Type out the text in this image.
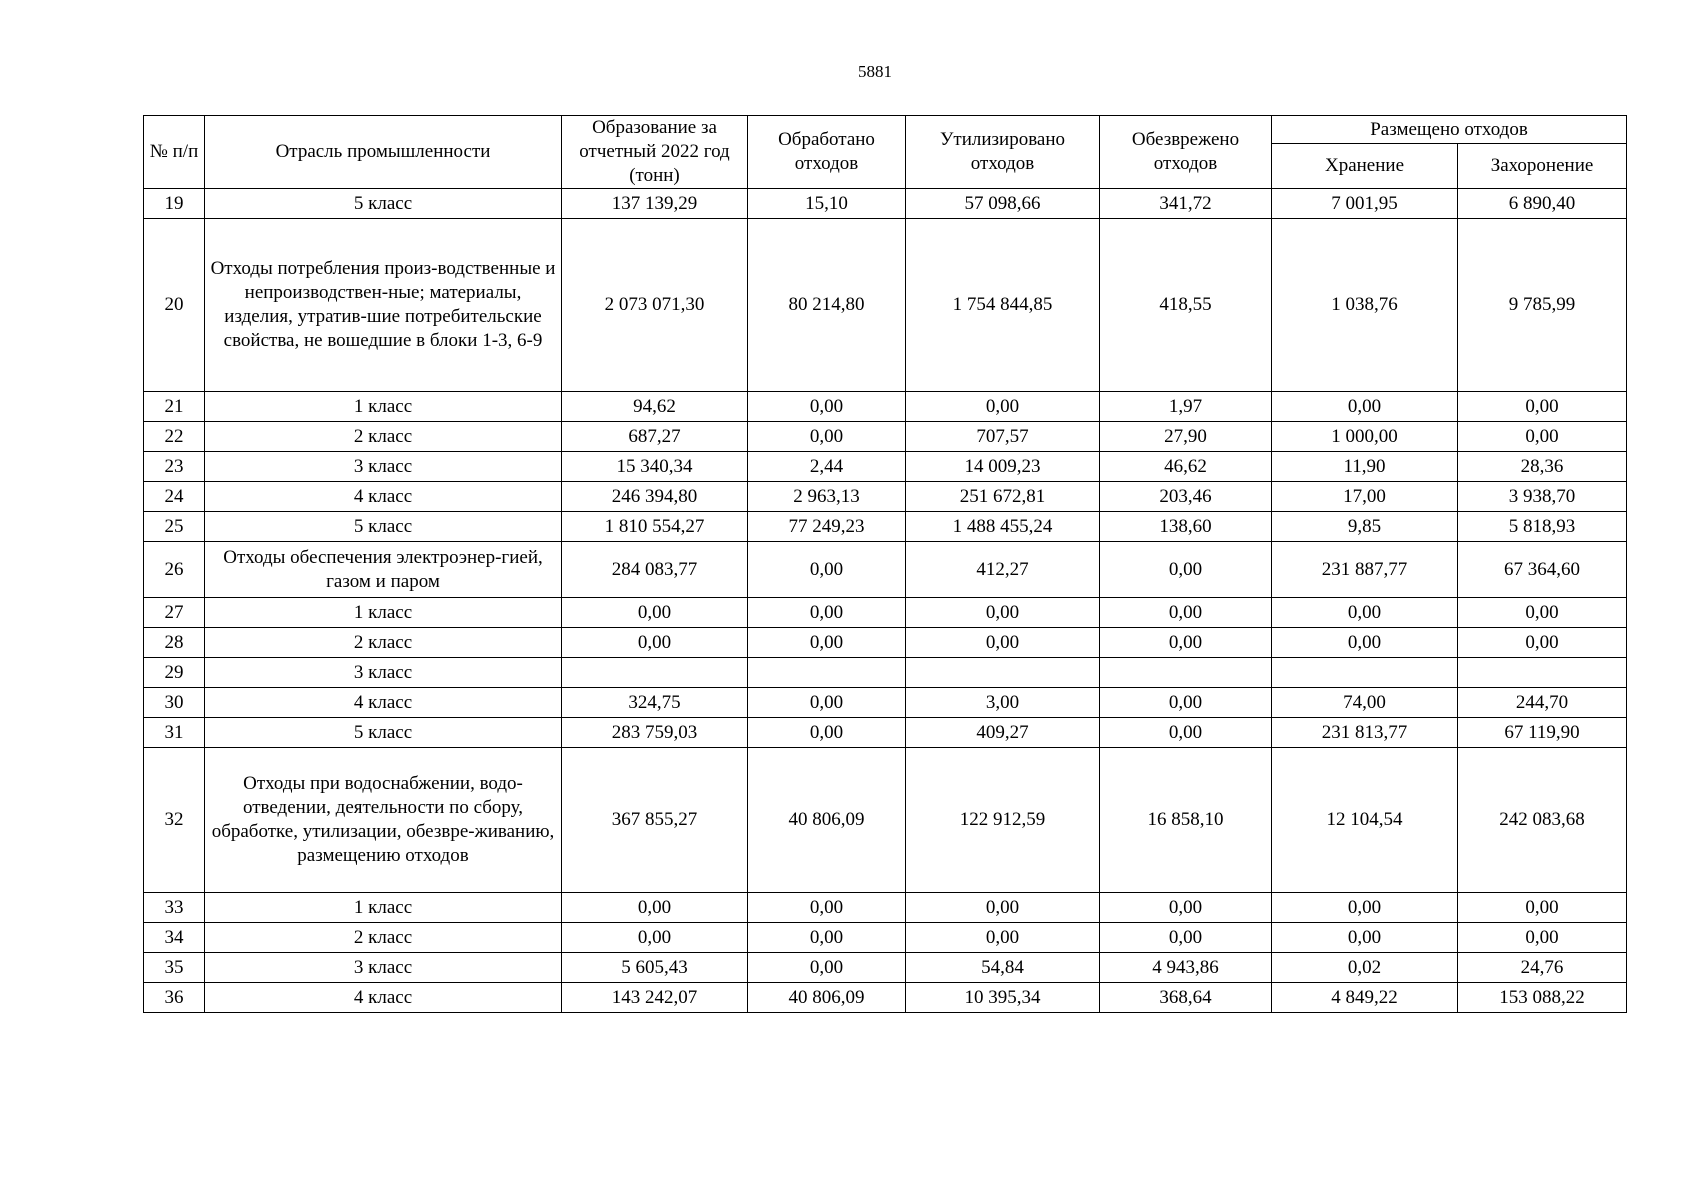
5881
№ п/п	Отрасль промышленности	Образование за отчетный 2022 год (тонн)	Обработано отходов	Утилизировано отходов	Обезврежено отходов	Размещено отходов	
						Хранение	Захоронение
19	5 класс	137 139,29	15,10	57 098,66	341,72	7 001,95	6 890,40
20	Отходы потребления произ-водственные и непроизводствен-ные; материалы, изделия, утратив-шие потребительские свойства, не вошедшие в блоки 1-3, 6-9	2 073 071,30	80 214,80	1 754 844,85	418,55	1 038,76	9 785,99
21	1 класс	94,62	0,00	0,00	1,97	0,00	0,00
22	2 класс	687,27	0,00	707,57	27,90	1 000,00	0,00
23	3 класс	15 340,34	2,44	14 009,23	46,62	11,90	28,36
24	4 класс	246 394,80	2 963,13	251 672,81	203,46	17,00	3 938,70
25	5 класс	1 810 554,27	77 249,23	1 488 455,24	138,60	9,85	5 818,93
26	Отходы обеспечения электроэнер-гией, газом и паром	284 083,77	0,00	412,27	0,00	231 887,77	67 364,60
27	1 класс	0,00	0,00	0,00	0,00	0,00	0,00
28	2 класс	0,00	0,00	0,00	0,00	0,00	0,00
29	3 класс						
30	4 класс	324,75	0,00	3,00	0,00	74,00	244,70
31	5 класс	283 759,03	0,00	409,27	0,00	231 813,77	67 119,90
32	Отходы при водоснабжении, водо-отведении, деятельности по сбору, обработке, утилизации, обезвре-живанию, размещению отходов	367 855,27	40 806,09	122 912,59	16 858,10	12 104,54	242 083,68
33	1 класс	0,00	0,00	0,00	0,00	0,00	0,00
34	2 класс	0,00	0,00	0,00	0,00	0,00	0,00
35	3 класс	5 605,43	0,00	54,84	4 943,86	0,02	24,76
36	4 класс	143 242,07	40 806,09	10 395,34	368,64	4 849,22	153 088,22
